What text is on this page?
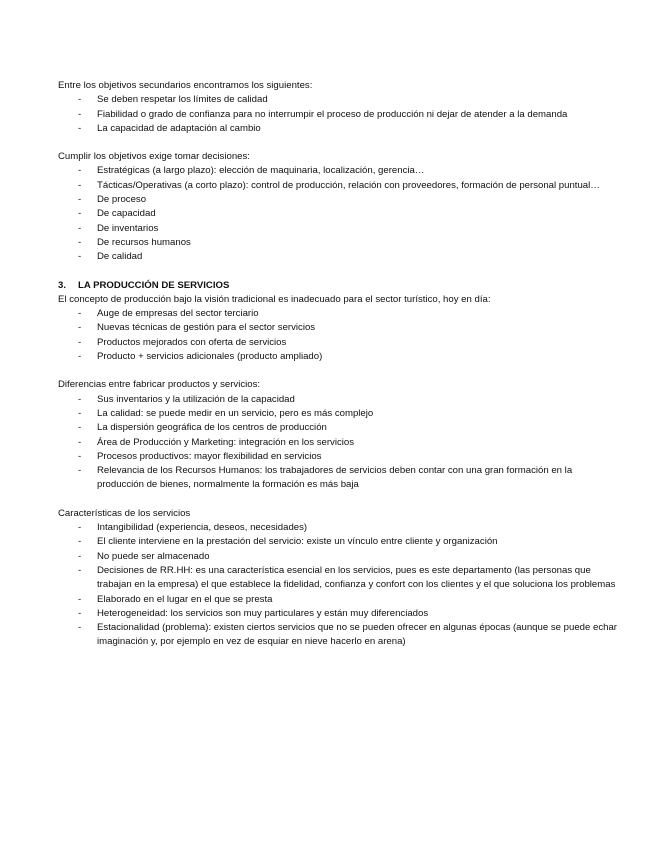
Entre los objetivos secundarios encontramos los siguientes:

- Se deben respetar los límites de calidad
- Fiabilidad o grado de confianza para no interrumpir el proceso de producción ni dejar de atender a la demanda
- La capacidad de adaptación al cambio

Cumplir los objetivos exige tomar decisiones:

- Estratégicas (a largo plazo): elección de maquinaria, localización, gerencia…
- Tácticas/Operativas (a corto plazo): control de producción, relación con proveedores, formación de personal puntual…
- De proceso
- De capacidad
- De inventarios
- De recursos humanos
- De calidad
3. LA PRODUCCIÓN DE SERVICIOS

El concepto de producción bajo la visión tradicional es inadecuado para el sector turístico, hoy en día:

- Auge de empresas del sector terciario
- Nuevas técnicas de gestión para el sector servicios
- Productos mejorados con oferta de servicios
- Producto + servicios adicionales (producto ampliado)

Diferencias entre fabricar productos y servicios:

- Sus inventarios y la utilización de la capacidad
- La calidad: se puede medir en un servicio, pero es más complejo
- La dispersión geográfica de los centros de producción
- Área de Producción y Marketing: integración en los servicios
- Procesos productivos: mayor flexibilidad en servicios
- Relevancia de los Recursos Humanos: los trabajadores de servicios deben contar con una gran formación en la producción de bienes, normalmente la formación es más baja

Características de los servicios

- Intangibilidad (experiencia, deseos, necesidades)
- El cliente interviene en la prestación del servicio: existe un vínculo entre cliente y organización
- No puede ser almacenado
- Decisiones de RR.HH: es una característica esencial en los servicios, pues es este departamento (las personas que trabajan en la empresa) el que establece la fidelidad, confianza y confort con los clientes y el que soluciona los problemas
- Elaborado en el lugar en el que se presta
- Heterogeneidad: los servicios son muy particulares y están muy diferenciados
- Estacionalidad (problema): existen ciertos servicios que no se pueden ofrecer en algunas épocas (aunque se puede echar imaginación y, por ejemplo en vez de esquiar en nieve hacerlo en arena)
